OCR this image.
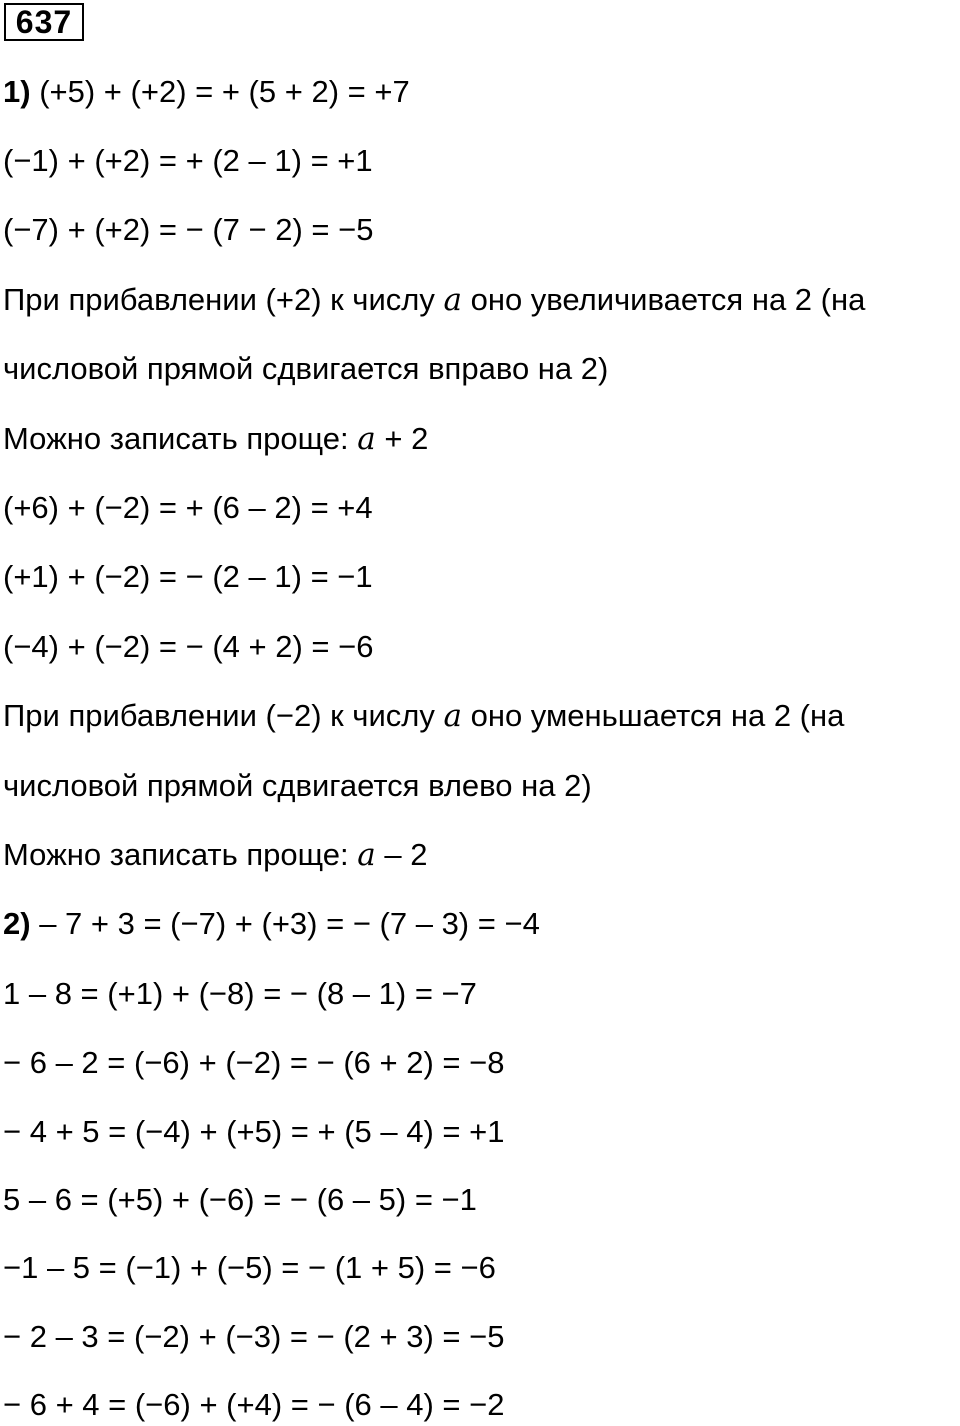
637
1) (+5) + (+2) = + (5 + 2) = +7
(−1) + (+2) = + (2 – 1) = +1
(−7) + (+2) = − (7 − 2) = −5
При прибавлении (+2) к числу a оно увеличивается на 2 (на
числовой прямой сдвигается вправо на 2)
Можно записать проще: a + 2
(+6) + (−2) = + (6 – 2) = +4
(+1) + (−2) = − (2 – 1) = −1
(−4) + (−2) = − (4 + 2) = −6
При прибавлении (−2) к числу a оно уменьшается на 2 (на
числовой прямой сдвигается влево на 2)
Можно записать проще: a – 2
2) – 7 + 3 = (−7) + (+3) = − (7 – 3) = −4
1 – 8 = (+1) + (−8) = − (8 – 1) = −7
− 6 – 2 = (−6) + (−2) = − (6 + 2) = −8
− 4 + 5 = (−4) + (+5) = + (5 – 4) = +1
5 – 6 = (+5) + (−6) = − (6 – 5) = −1
−1 – 5 = (−1) + (−5) = − (1 + 5) = −6
− 2 – 3 = (−2) + (−3) = − (2 + 3) = −5
− 6 + 4 = (−6) + (+4) = − (6 – 4) = −2
